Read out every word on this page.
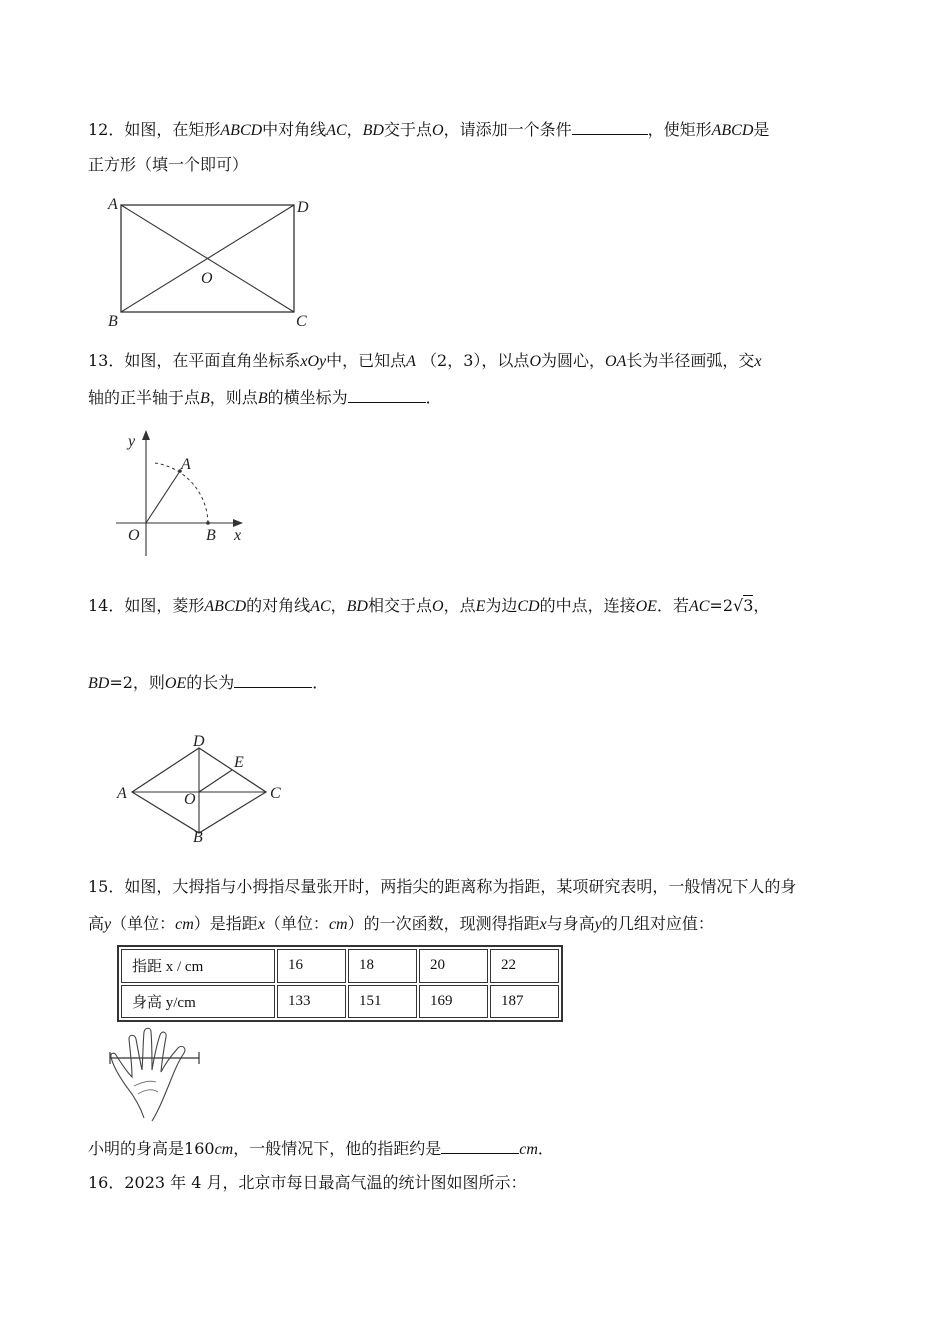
12．如图，在矩形ABCD中对角线AC，BD交于点O，请添加一个条件	，使矩形ABCD是
正方形（填一个即可）
A	D
B	C
O
13．如图，在平面直角坐标系xOy中，已知点A （2，3），以点O为圆心，OA长为半径画弧，交x
轴的正半轴于点B，则点B的横坐标为	．
y
x
O
A
B
14．如图，菱形ABCD的对角线AC，BD相交于点O，点E为边CD的中点，连接OE．若AC=2√3，
BD=2，则OE的长为	．
A
D
C
B
E
O
15．如图，大拇指与小拇指尽量张开时，两指尖的距离称为指距，某项研究表明，一般情况下人的身
高y（单位：cm）是指距x（单位：cm）的一次函数，现测得指距x与身高y的几组对应值：
指距 x / cm	16	18	20	22
身高 y/cm	133	151	169	187
小明的身高是160cm，一般情况下，他的指距约是	cm．
16．2023 年 4 月，北京市每日最高气温的统计图如图所示：
